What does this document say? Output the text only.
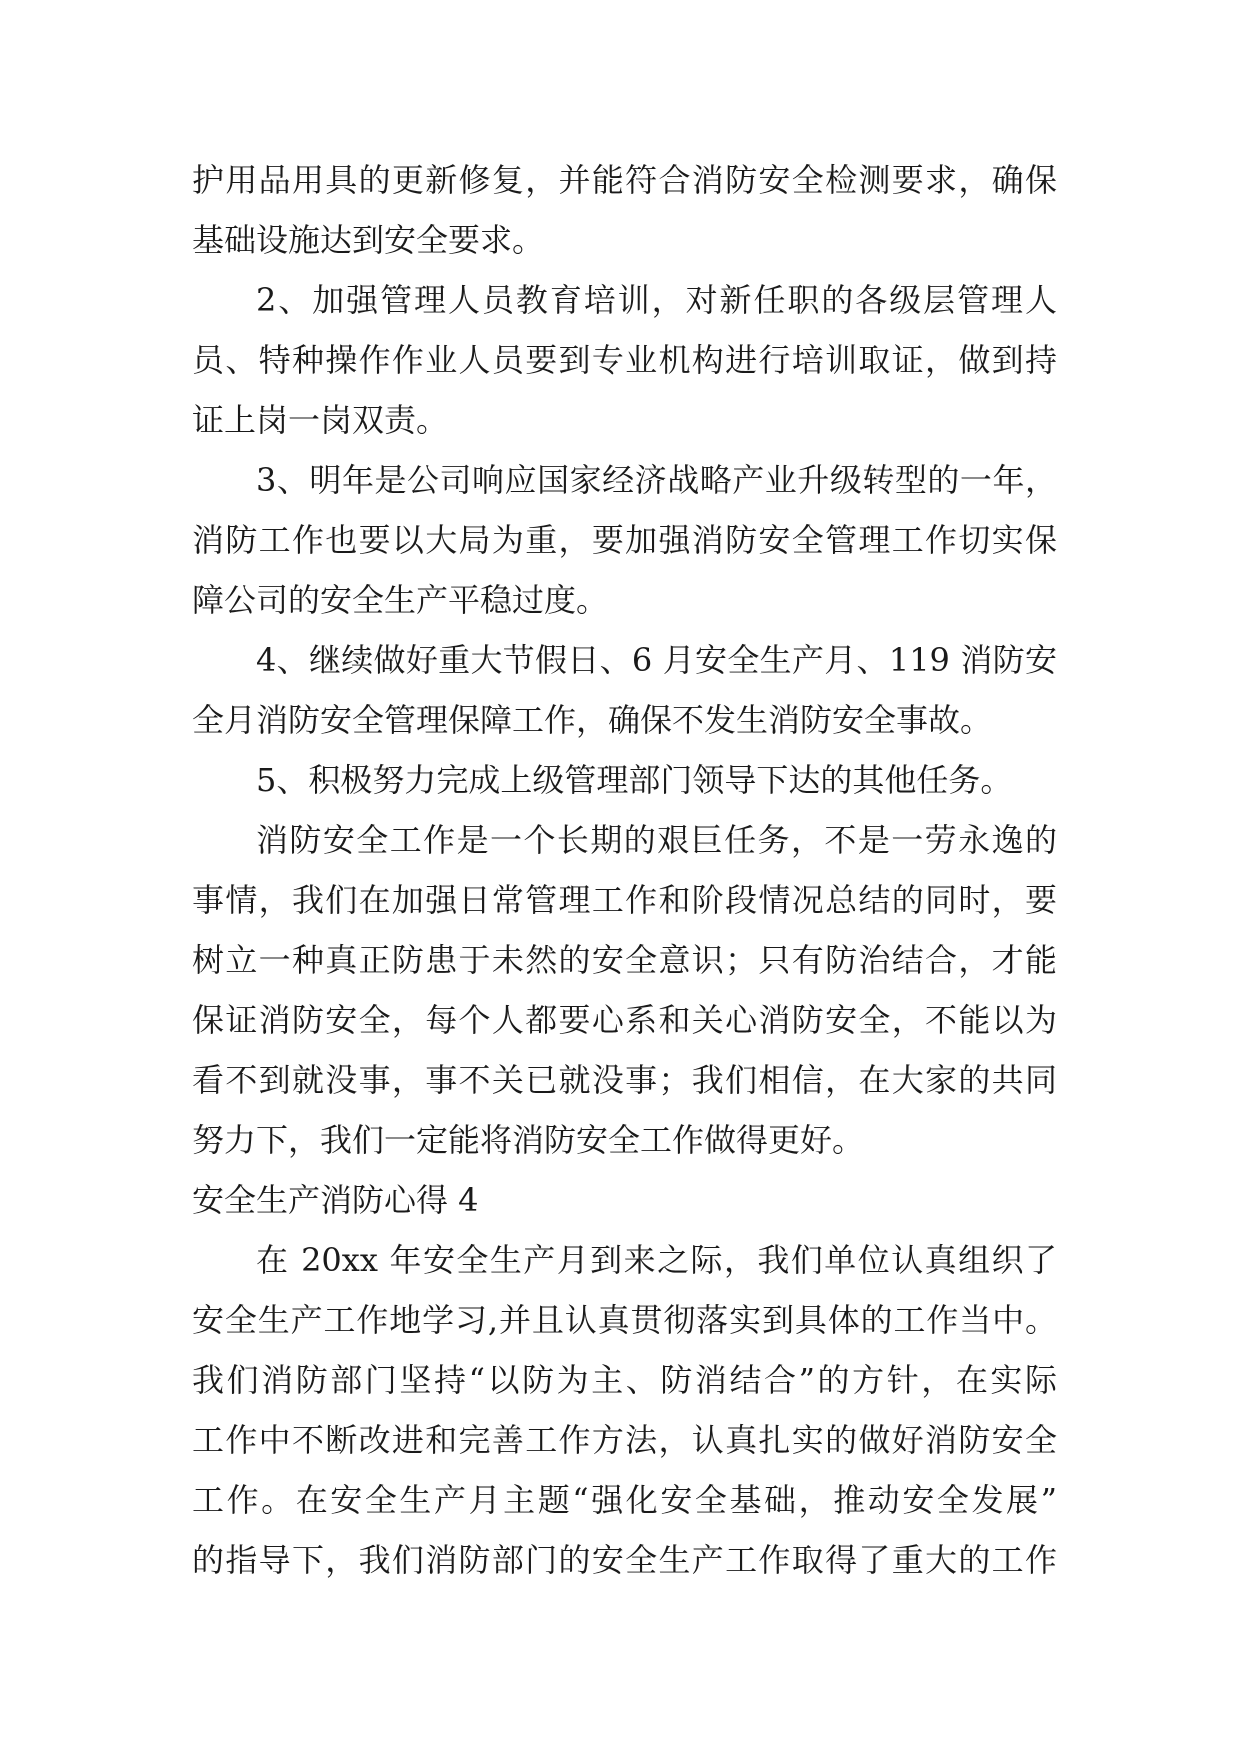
护用品用具的更新修复，并能符合消防安全检测要求，确保
基础设施达到安全要求。
2、加强管理人员教育培训，对新任职的各级层管理人
员、特种操作作业人员要到专业机构进行培训取证，做到持
证上岗一岗双责。
3、明年是公司响应国家经济战略产业升级转型的一年，
消防工作也要以大局为重，要加强消防安全管理工作切实保
障公司的安全生产平稳过度。
4、继续做好重大节假日、6 月安全生产月、119 消防安
全月消防安全管理保障工作，确保不发生消防安全事故。
5、积极努力完成上级管理部门领导下达的其他任务。
消防安全工作是一个长期的艰巨任务，不是一劳永逸的
事情，我们在加强日常管理工作和阶段情况总结的同时，要
树立一种真正防患于未然的安全意识；只有防治结合，才能
保证消防安全，每个人都要心系和关心消防安全，不能以为
看不到就没事，事不关已就没事；我们相信，在大家的共同
努力下，我们一定能将消防安全工作做得更好。
安全生产消防心得 4
在 20xx 年安全生产月到来之际，我们单位认真组织了
安全生产工作地学习,并且认真贯彻落实到具体的工作当中。
我们消防部门坚持“以防为主、防消结合”的方针，在实际
工作中不断改进和完善工作方法，认真扎实的做好消防安全
工作。在安全生产月主题“强化安全基础，推动安全发展”
的指导下，我们消防部门的安全生产工作取得了重大的工作
